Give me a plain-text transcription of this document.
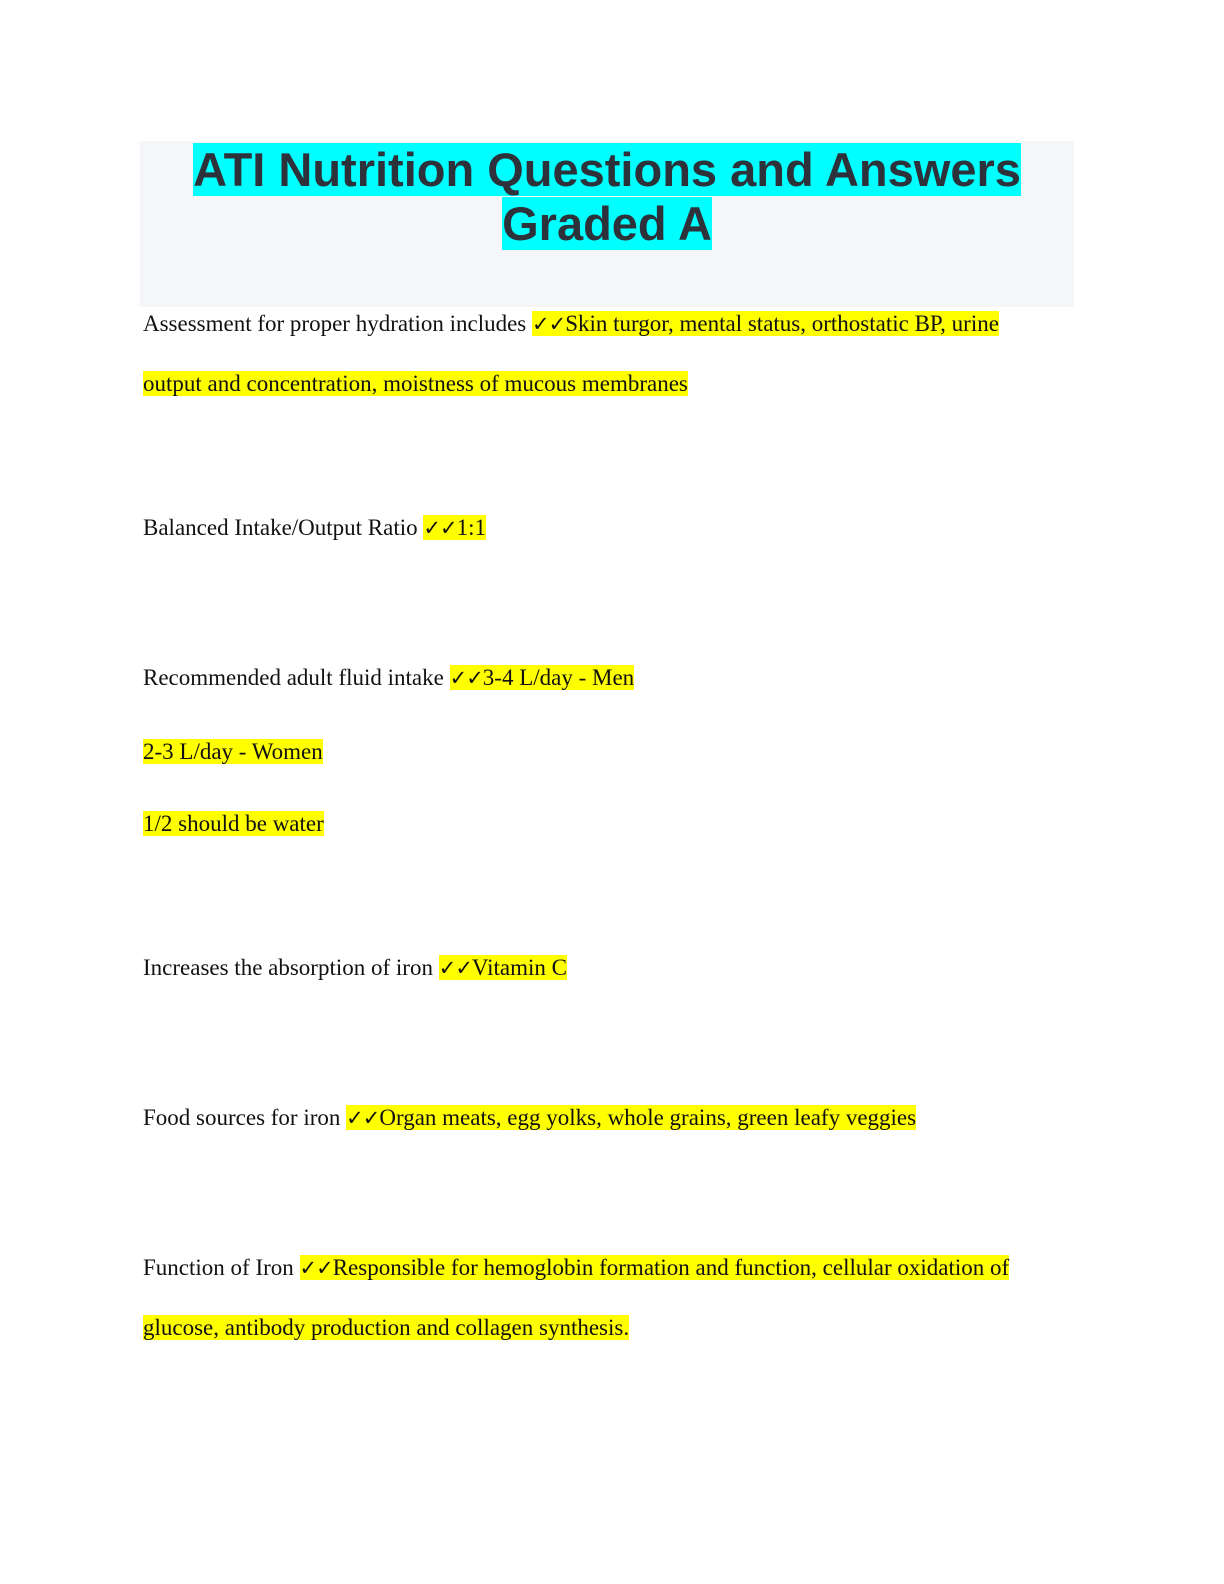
ATI Nutrition Questions and Answers
Graded A

Assessment for proper hydration includes ✓✓Skin turgor, mental status, orthostatic BP, urine output and concentration, moistness of mucous membranes

Balanced Intake/Output Ratio ✓✓1:1

Recommended adult fluid intake ✓✓3-4 L/day - Men

2-3 L/day - Women

1/2 should be water

Increases the absorption of iron ✓✓Vitamin C

Food sources for iron ✓✓Organ meats, egg yolks, whole grains, green leafy veggies

Function of Iron ✓✓Responsible for hemoglobin formation and function, cellular oxidation of glucose, antibody production and collagen synthesis.
